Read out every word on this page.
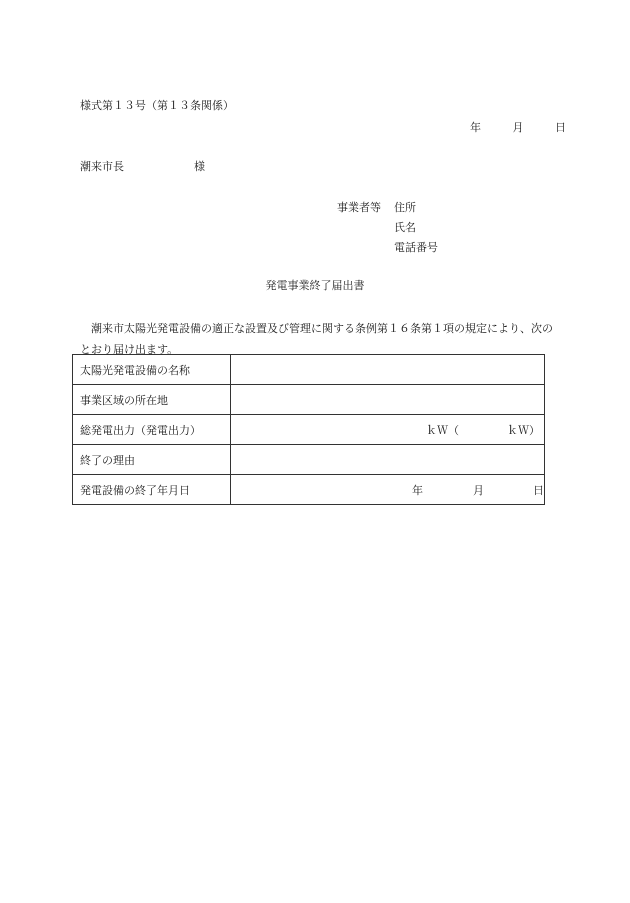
様式第１３号（第１３条関係）
年	月	日
潮来市長	様
事業者等 住所
氏名
電話番号
発電事業終了届出書
潮来市太陽光発電設備の適正な設置及び管理に関する条例第１６条第１項の規定により、次のとおり届け出ます。
太陽光発電設備の名称	
事業区域の所在地	
総発電出力（発電出力）	ｋＷ（ ｋＷ）

終了の理由	
発電設備の終了年月日	年 月 日
